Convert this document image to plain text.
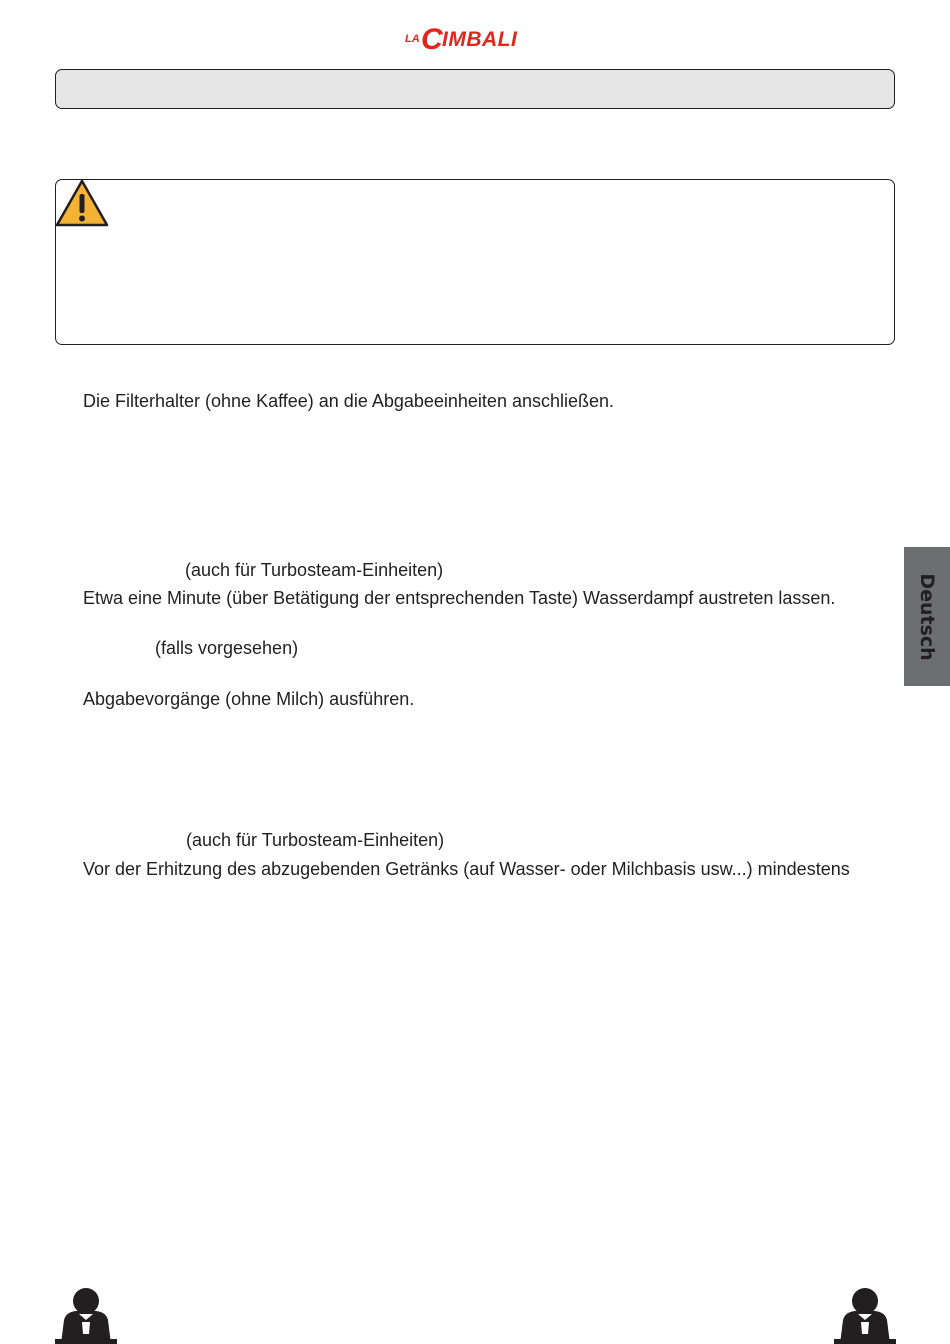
LA C IMBALI
Die Filterhalter (ohne Kaffee) an die Abgabeeinheiten anschließen.
(auch für Turbosteam-Einheiten)
Etwa eine Minute (über Betätigung der entsprechenden Taste) Wasserdampf austreten lassen.
(falls vorgesehen)
Abgabevorgänge (ohne Milch) ausführen.
(auch für Turbosteam-Einheiten)
Vor der Erhitzung des abzugebenden Getränks (auf Wasser- oder Milchbasis usw...) mindestens
Deutsch
